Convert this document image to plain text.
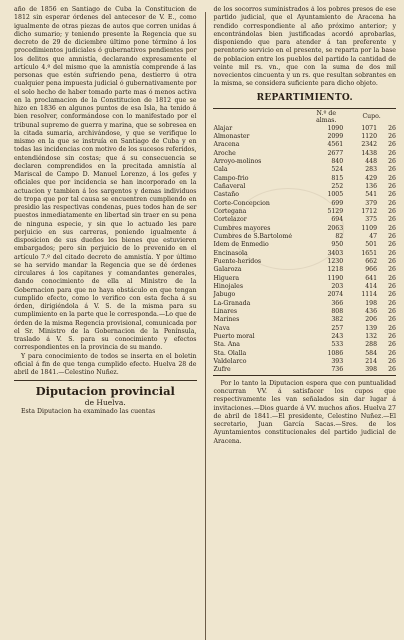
año de 1856 en Santiago de Cuba la Constitucion de 1812 sin esperar órdenes del antecesor de V. E., como igualmente de otras piezas de autos que corren unidas á dicho sumario; y teniendo presente la Regencia que su decreto de 29 de diciembre último pone término á los procedimientos judiciales ó gubernativos pendientes por los delitos que amnistía, declarando expresamente el artículo 4.º del mismo que la amnistía comprende á las personas que estén sufriendo pena, destierro ú otra cualquier pena impuesta judicial ó gubernativamente por el solo hecho de haber tomado parte mas ó menos activa en la proclamacion de la Constitucion de 1812 que se hizo en 1836 en algunos puntos de esa Isla, ha tenido á bien resolver, conformándose con lo manifestado por el tribunal supremo de guerra y marina, que se sobresea en la citada sumaria, archivándose, y que se verifique lo mismo en la que se instruía en Santiago de Cuba y en todas las incidencias con motivo de los sucesos referidos, entendiéndose sin costas; que á su consecuencia se declaren comprendidos en la precitada amnistía al Mariscal de Campo D. Manuel Lorenzo, á los gefes y oficiales que por incidencia se han incorporado en la actuacion y tambien á los sargentos y demas individuos de tropa que por tal causa se encuentren cumpliendo en presidio las respectivas condenas, pues todos han de ser puestos inmediatamente en libertad sin traer en su pena de ninguna especie, y sin que lo actuado les pare perjuicio en sus carreras, poniendo igualmente á disposicion de sus dueños los bienes que estuvieren embargados; pero sin perjuicio de lo prevenido en el artículo 7.º del citado decreto de amnistía. Y por último se ha servido mandar la Regencia que se dé órdenes circulares á los capitanes y comandantes generales, dando conocimiento de ella al Ministro de la Gobernacion para que no haya obstáculo en que tengan cumplido efecto, como lo verifico con esta fecha á su órden, dirigiéndola á V. S. de la misma para su cumplimiento en la parte que le corresponda.—Lo que de órden de la misma Regencia provisional, comunicada por el Sr. Ministro de la Gobernacion de la Península, traslado á V. S. para su conocimiento y efectos correspondientes en la provincia de su mando.

Y para conocimiento de todos se inserta en el boletin oficial á fin de que tenga cumplido efecto. Huelva 28 de abril de 1841.—Celestino Nuñez.

Diputacion provincial
de Huelva.

Esta Diputacion ha examinado las cuentas

de los socorros suministrados á los pobres presos de ese partido judicial, que el Ayuntamiento de Aracena ha rendido correspondiente al año próximo anterior; y encontrándolas bien justificadas acordó aprobarlas, disponiendo que para atender á tan preferente y perentorio servicio en el presente, se reparta por la base de poblacion entre los pueblos del partido la cantidad de veinte mil rs. vn., que con la suma de dos mil novecientos cincuenta y un rs. que resultan sobrantes en la misma, se considera suficiente para dicho objeto.

REPARTIMIENTO.
	N.º de
almas.	Cupo.	
Alajar	1090	1071	26
Almonaster	2099	1120	26
Aracena	4561	2342	26
Aroche	2677	1438	26
Arroyo-molinos	840	448	26
Cala	524	283	26
Campo-frio	815	429	26
Cañaveral	252	136	26
Castaño	1005	541	26
Corte-Concepcion	699	379	26
Cortegana	5129	1712	26
Cortelazor	694	375	26
Cumbres mayores	2063	1109	26
Cumbres de S.Bartolomé	82	47	26
Idem de Enmedio	950	501	26
Encinasola	3403	1651	26
Fuente-heridos	1230	662	26
Galaroza	1218	966	26
Higuera	1190	641	26
Hinojales	203	414	26
Jabugo	2074	1114	26
La-Granada	366	198	26
Linares	808	436	26
Marines	382	206	26
Nava	257	139	26
Puerto moral	243	132	26
Sta. Ana	533	288	26
Sta. Olalla	1086	584	26
Valdelarco	393	214	26
Zufre	736	398	26

Por lo tanto la Diputacion espera que con puntualidad concurran VV. á satisfacer los cupos que respectivamente les van señalados sin dar lugar á invitaciones.—Dios guarde á VV. muchos años. Huelva 27 de abril de 1841.—El presidente, Celestino Nuñez.—El secretario, Juan García Sacas.—Sres. de los Ayuntamientos constitucionales del partido judicial de Aracena.
